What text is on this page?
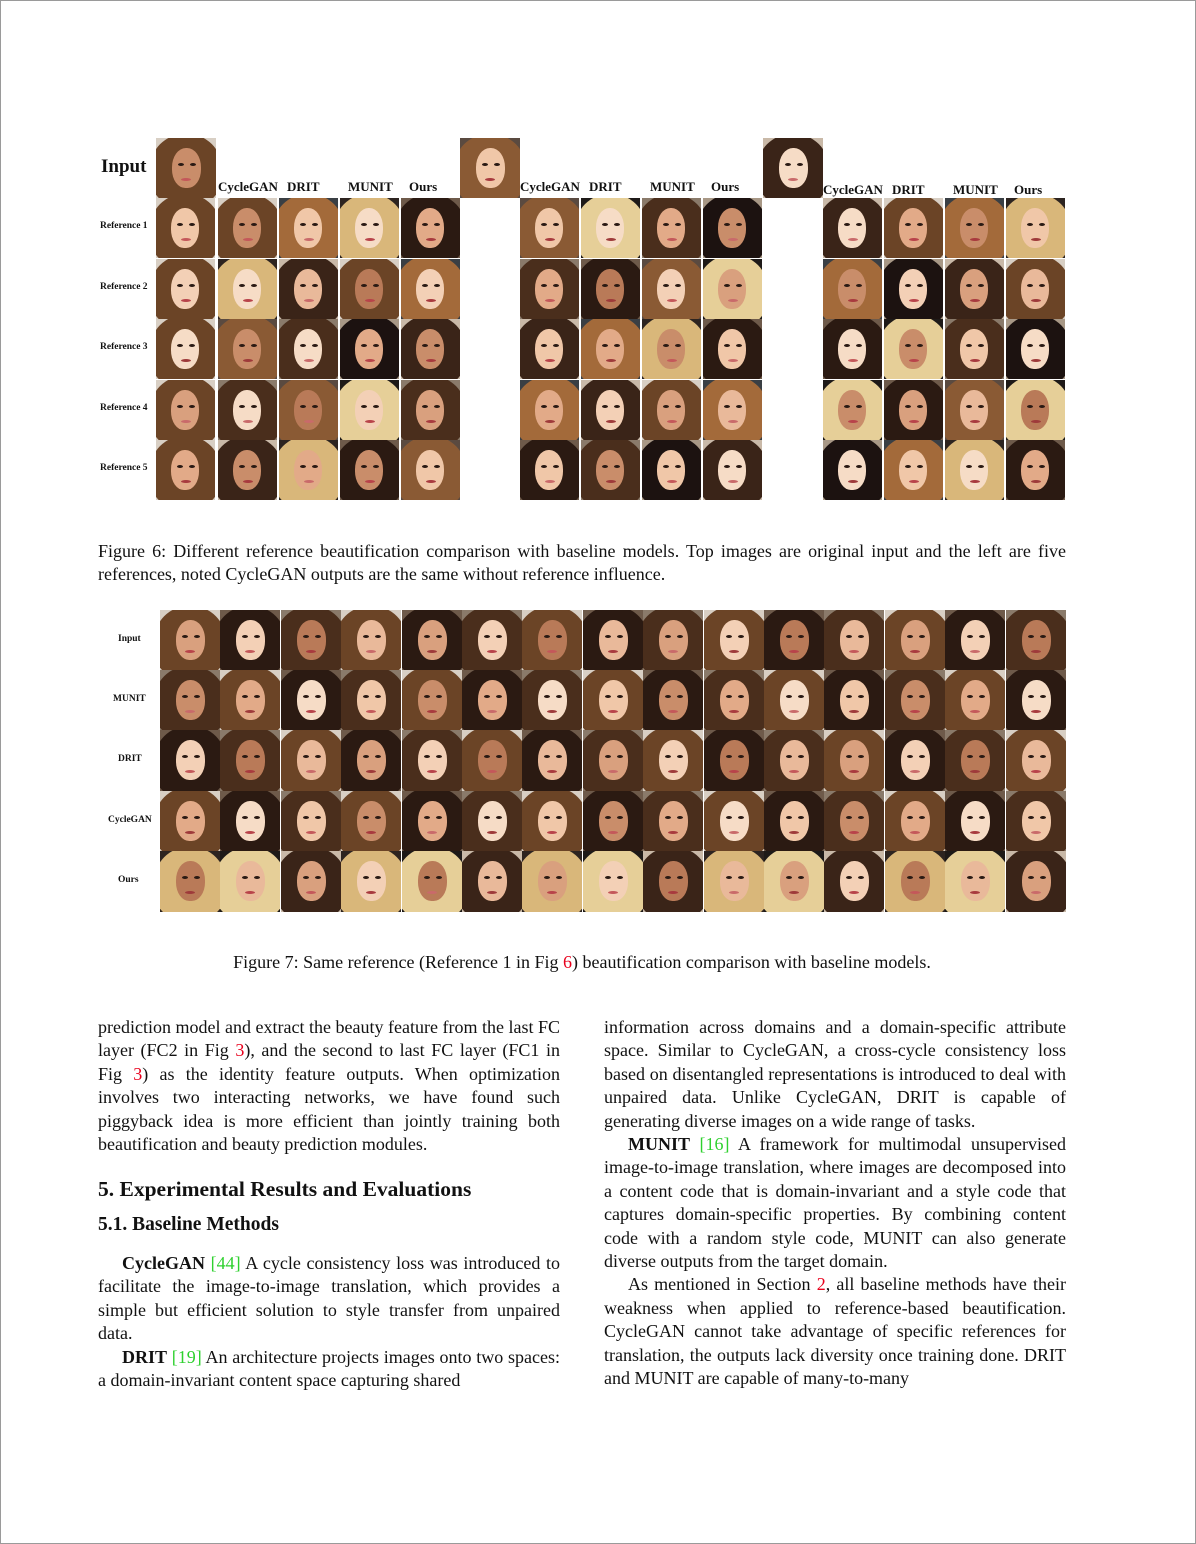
Input
CycleGAN DRIT MUNIT Ours	CycleGAN DRIT MUNIT Ours	CycleGAN DRIT MUNIT Ours
Reference 1
Reference 2
Reference 3
Reference 4
Reference 5
Figure 6: Different reference beautification comparison with baseline models. Top images are original input and the left are five references, noted CycleGAN outputs are the same without reference influence.
Input
MUNIT
DRIT
CycleGAN
Ours
Figure 7: Same reference (Reference 1 in Fig 6) beautification comparison with baseline models.

prediction model and extract the beauty feature from the last FC layer (FC2 in Fig 3), and the second to last FC layer (FC1 in Fig 3) as the identity feature outputs. When optimization involves two interacting networks, we have found such piggyback idea is more efficient than jointly training both beautification and beauty prediction modules.

5. Experimental Results and Evaluations
5.1. Baseline Methods

CycleGAN [44] A cycle consistency loss was introduced to facilitate the image-to-image translation, which provides a simple but efficient solution to style transfer from unpaired data.

DRIT [19] An architecture projects images onto two spaces: a domain-invariant content space capturing shared

information across domains and a domain-specific attribute space. Similar to CycleGAN, a cross-cycle consistency loss based on disentangled representations is introduced to deal with unpaired data. Unlike CycleGAN, DRIT is capable of generating diverse images on a wide range of tasks.

MUNIT [16] A framework for multimodal unsupervised image-to-image translation, where images are decomposed into a content code that is domain-invariant and a style code that captures domain-specific properties. By combining content code with a random style code, MUNIT can also generate diverse outputs from the target domain.

As mentioned in Section 2, all baseline methods have their weakness when applied to reference-based beautification. CycleGAN cannot take advantage of specific references for translation, the outputs lack diversity once training done. DRIT and MUNIT are capable of many-to-many
